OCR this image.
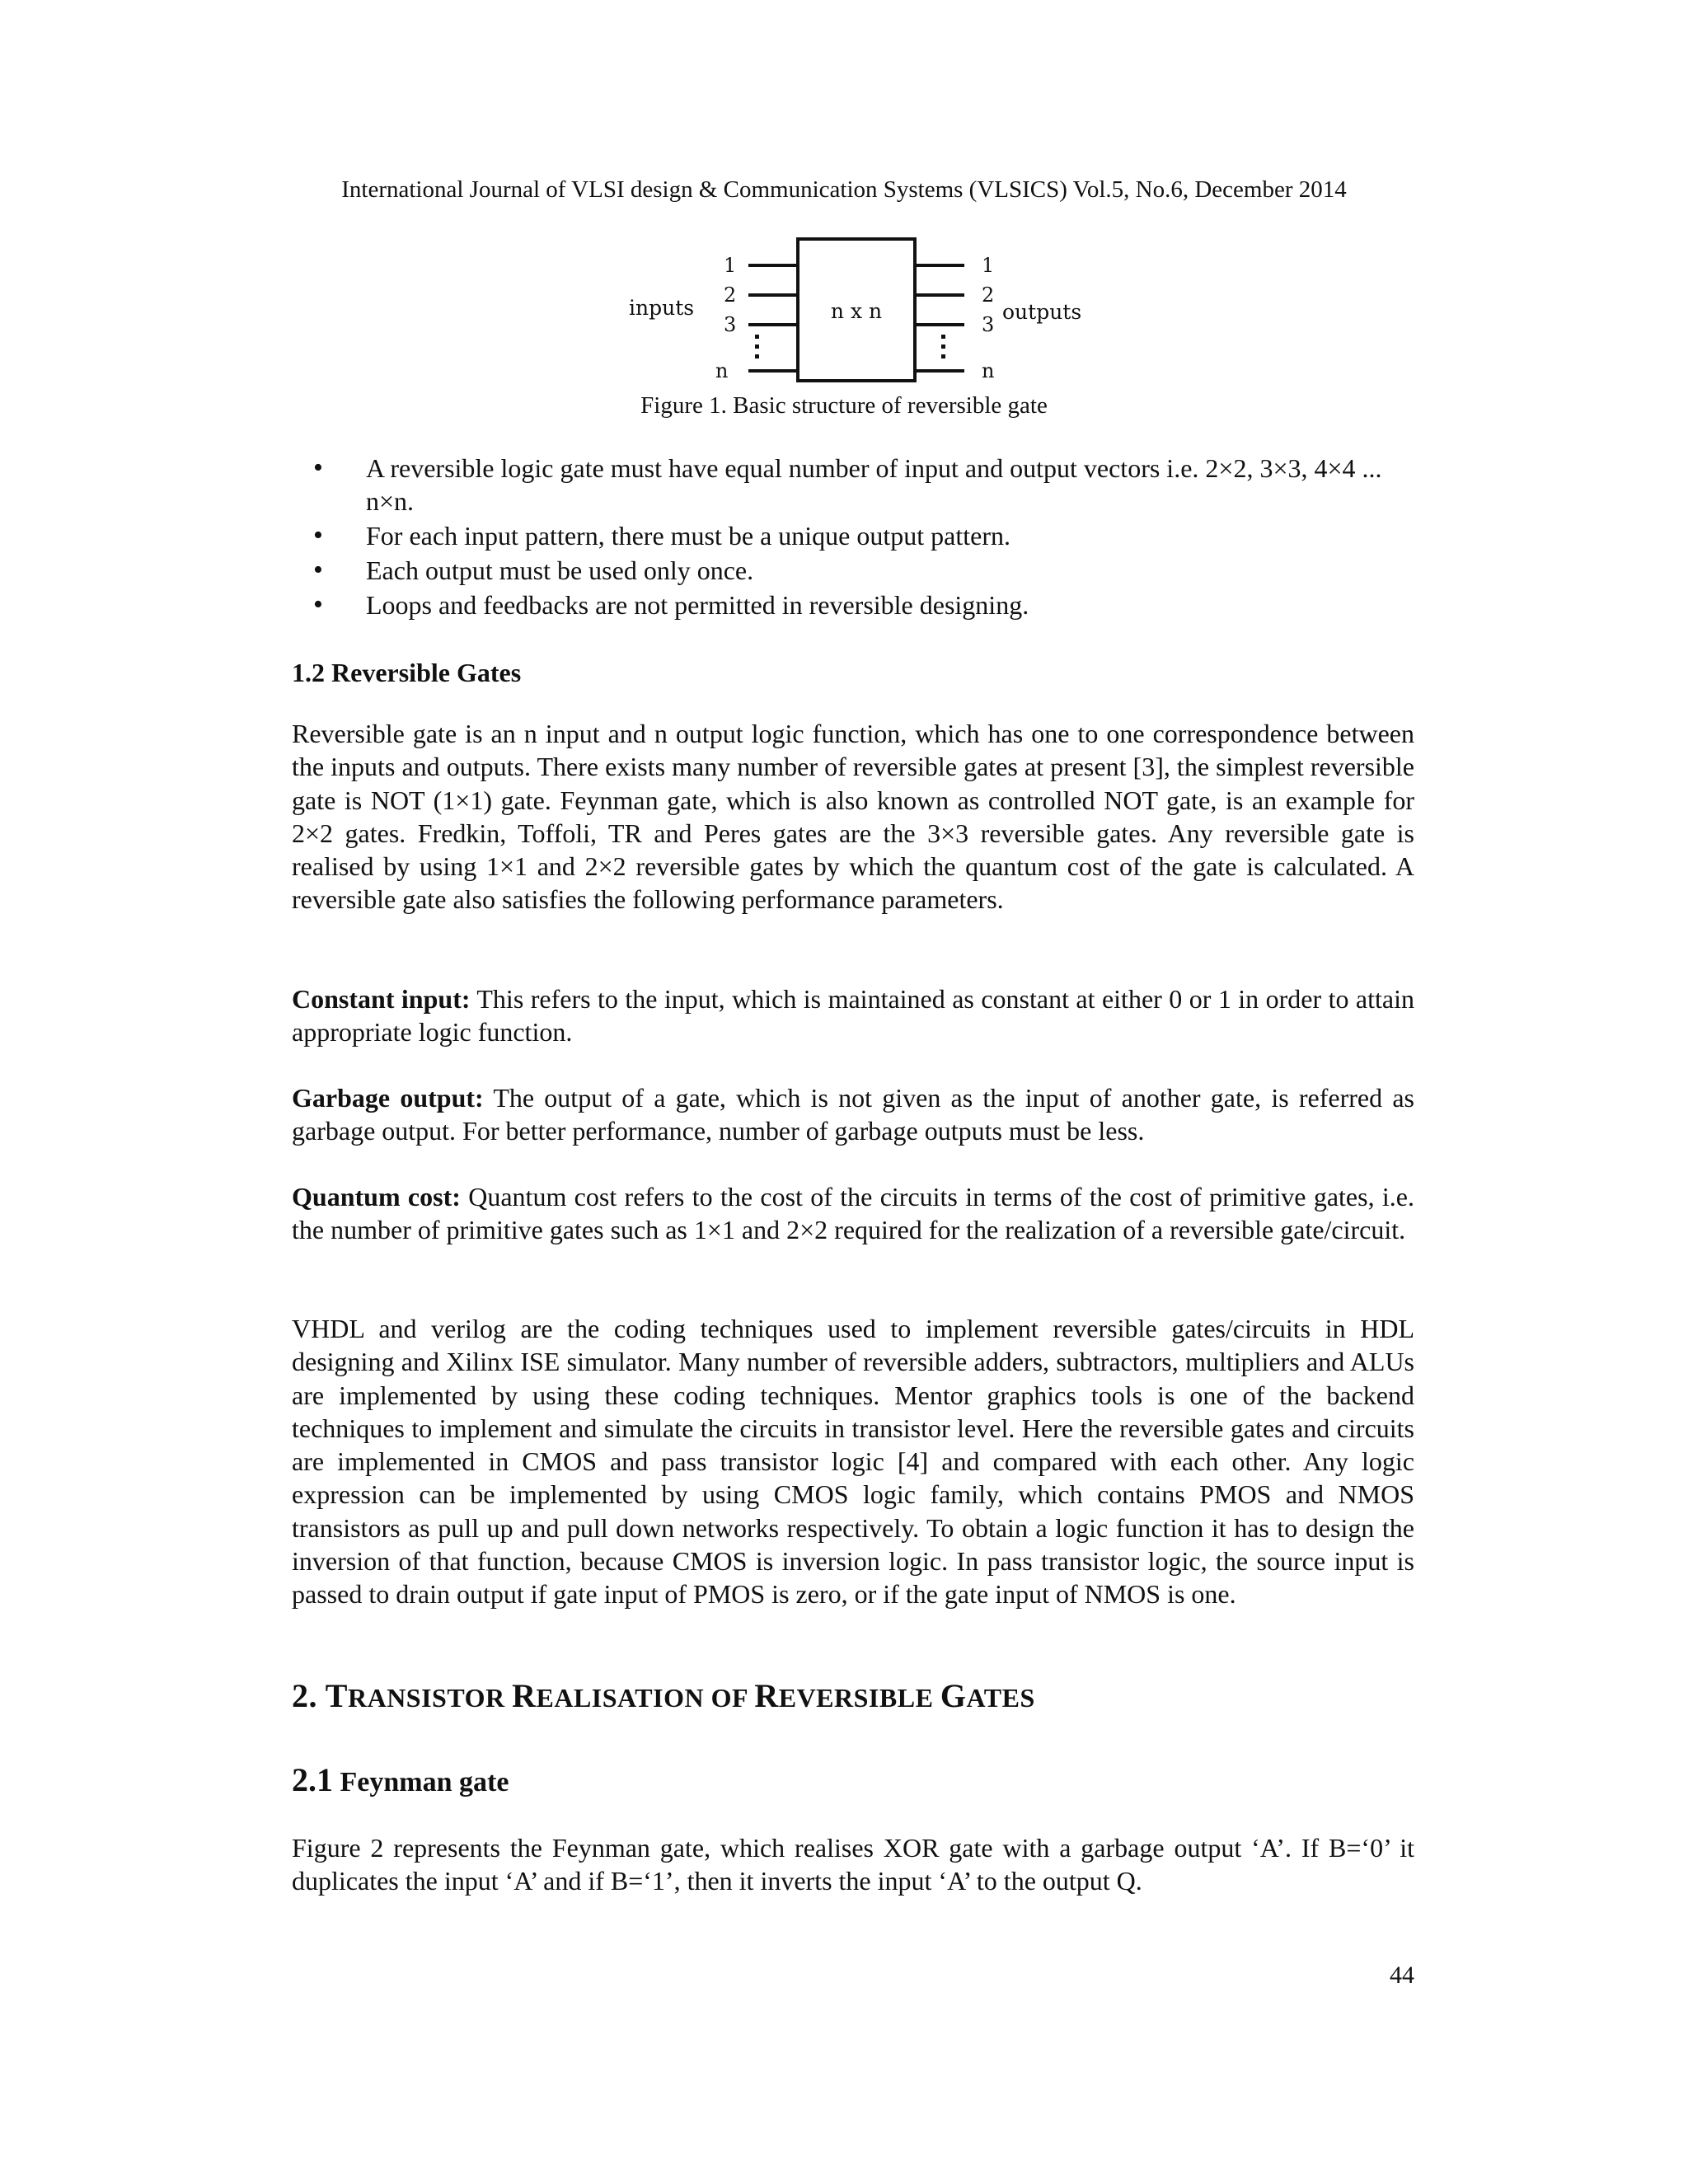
International Journal of VLSI design & Communication Systems (VLSICS) Vol.5, No.6, December 2014
n x n
1
2
3
n
1
2
3
n
inputs	outputs
Figure 1. Basic structure of reversible gate
• A reversible logic gate must have equal number of input and output vectors i.e. 2×2, 3×3, 4×4 ... n×n.
• For each input pattern, there must be a unique output pattern.
• Each output must be used only once.
• Loops and feedbacks are not permitted in reversible designing.
1.2 Reversible Gates

Reversible gate is an n input and n output logic function, which has one to one correspondence between the inputs and outputs. There exists many number of reversible gates at present [3], the simplest reversible gate is NOT (1×1) gate. Feynman gate, which is also known as controlled NOT gate, is an example for 2×2 gates. Fredkin, Toffoli, TR and Peres gates are the 3×3 reversible gates. Any reversible gate is realised by using 1×1 and 2×2 reversible gates by which the quantum cost of the gate is calculated. A reversible gate also satisfies the following performance parameters.

Constant input: This refers to the input, which is maintained as constant at either 0 or 1 in order to attain appropriate logic function.

Garbage output: The output of a gate, which is not given as the input of another gate, is referred as garbage output. For better performance, number of garbage outputs must be less.

Quantum cost: Quantum cost refers to the cost of the circuits in terms of the cost of primitive gates, i.e. the number of primitive gates such as 1×1 and 2×2 required for the realization of a reversible gate/circuit.

VHDL and verilog are the coding techniques used to implement reversible gates/circuits in HDL designing and Xilinx ISE simulator. Many number of reversible adders, subtractors, multipliers and ALUs are implemented by using these coding techniques. Mentor graphics tools is one of the backend techniques to implement and simulate the circuits in transistor level. Here the reversible gates and circuits are implemented in CMOS and pass transistor logic [4] and compared with each other. Any logic expression can be implemented by using CMOS logic family, which contains PMOS and NMOS transistors as pull up and pull down networks respectively. To obtain a logic function it has to design the inversion of that function, because CMOS is inversion logic. In pass transistor logic, the source input is passed to drain output if gate input of PMOS is zero, or if the gate input of NMOS is one.

2. TRANSISTOR REALISATION OF REVERSIBLE GATES
2.1 Feynman gate

Figure 2 represents the Feynman gate, which realises XOR gate with a garbage output ‘A’. If B=‘0’ it duplicates the input ‘A’ and if B=‘1’, then it inverts the input ‘A’ to the output Q.

44
